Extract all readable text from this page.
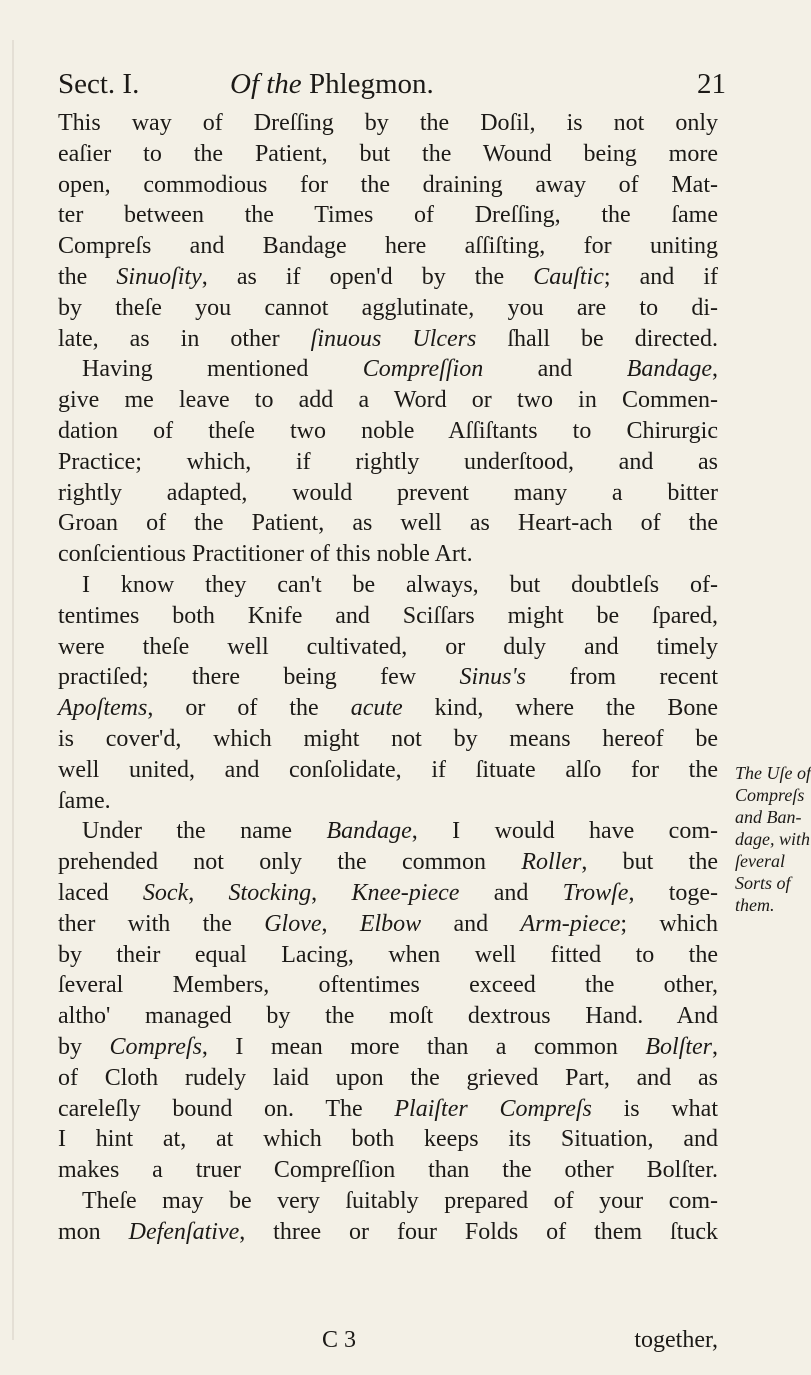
Sect. I.	Of the Phlegmon.	21
This way of Dreſſing by the Doſil, is not only
eaſier to the Patient, but the Wound being more
open, commodious for the draining away of Mat-
ter between the Times of Dreſſing, the ſame
Compreſs and Bandage here aſſiſting, for uniting
the Sinuoſity, as if open'd by the Cauſtic; and if
by theſe you cannot agglutinate, you are to di-
late, as in other ſinuous Ulcers ſhall be directed.
Having mentioned Compreſſion and Bandage,
give me leave to add a Word or two in Commen-
dation of theſe two noble Aſſiſtants to Chirurgic
Practice; which, if rightly underſtood, and as
rightly adapted, would prevent many a bitter
Groan of the Patient, as well as Heart-ach of the
conſcientious Practitioner of this noble Art.
I know they can't be always, but doubtleſs of-
tentimes both Knife and Sciſſars might be ſpared,
were theſe well cultivated, or duly and timely
practiſed; there being few Sinus's from recent
Apoſtems, or of the acute kind, where the Bone
is cover'd, which might not by means hereof be
well united, and conſolidate, if ſituate alſo for the
ſame.
Under the name Bandage, I would have com-
prehended not only the common Roller, but the
laced Sock, Stocking, Knee-piece and Trowſe, toge-
ther with the Glove, Elbow and Arm-piece; which
by their equal Lacing, when well fitted to the
ſeveral Members, oftentimes exceed the other,
altho' managed by the moſt dextrous Hand. And
by Compreſs, I mean more than a common Bolſter,
of Cloth rudely laid upon the grieved Part, and as
careleſly bound on. The Plaiſter Compreſs is what
I hint at, at which both keeps its Situation, and
makes a truer Compreſſion than the other Bolſter.
Theſe may be very ſuitably prepared of your com-
mon Defenſative, three or four Folds of them ſtuck
The Uſe of
Compreſs
and Ban-
dage, with
ſeveral
Sorts of
them.
C 3	together,
